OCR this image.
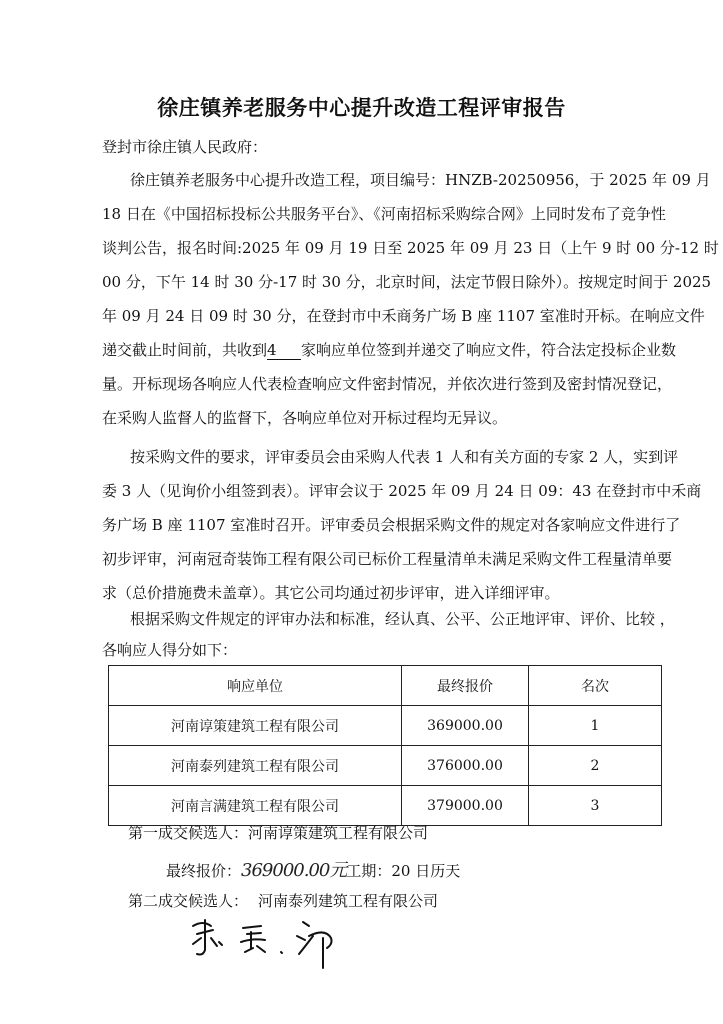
徐庄镇养老服务中心提升改造工程评审报告
登封市徐庄镇人民政府：
徐庄镇养老服务中心提升改造工程，项目编号：HNZB-20250956，于 2025 年 09 月
18 日在《中国招标投标公共服务平台》、《河南招标采购综合网》上同时发布了竞争性
谈判公告，报名时间:2025 年 09 月 19 日至 2025 年 09 月 23 日（上午 9 时 00 分-12 时
00 分，下午 14 时 30 分-17 时 30 分，北京时间，法定节假日除外）。按规定时间于 2025
年 09 月 24 日 09 时 30 分，在登封市中禾商务广场 B 座 1107 室准时开标。在响应文件
递交截止时间前，共收到4 家响应单位签到并递交了响应文件，符合法定投标企业数
量。开标现场各响应人代表检查响应文件密封情况，并依次进行签到及密封情况登记，
在采购人监督人的监督下，各响应单位对开标过程均无异议。
按采购文件的要求，评审委员会由采购人代表 1 人和有关方面的专家 2 人，实到评
委 3 人（见询价小组签到表）。评审会议于 2025 年 09 月 24 日 09：43 在登封市中禾商
务广场 B 座 1107 室准时召开。评审委员会根据采购文件的规定对各家响应文件进行了
初步评审，河南冠奇装饰工程有限公司已标价工程量清单未满足采购文件工程量清单要
求（总价措施费未盖章）。其它公司均通过初步评审，进入详细评审。
根据采购文件规定的评审办法和标准，经认真、公平、公正地评审、评价、比较 ，
各响应人得分如下：
响应单位	最终报价	名次
河南谆策建筑工程有限公司	369000.00	1
河南泰列建筑工程有限公司	376000.00	2
河南言满建筑工程有限公司	379000.00	3
第一成交候选人：河南谆策建筑工程有限公司
最终报价：369000.00元工期：20 日历天
第二成交候选人： 河南泰列建筑工程有限公司
